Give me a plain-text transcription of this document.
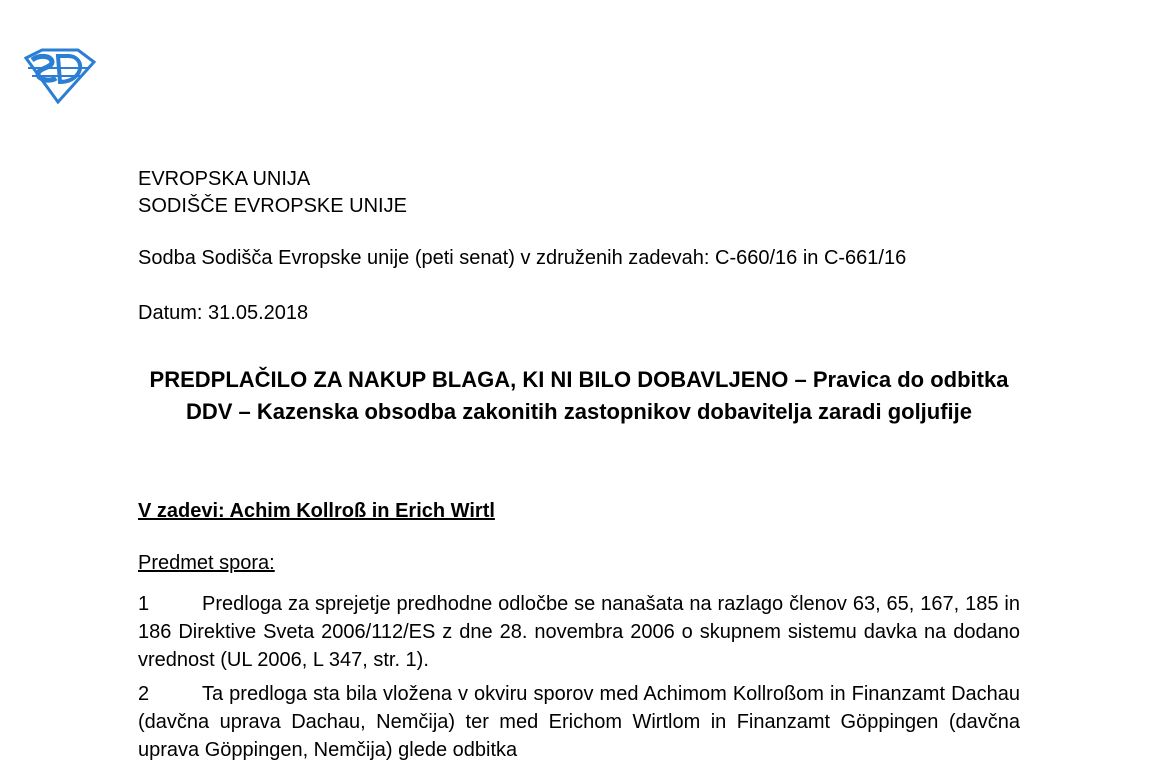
EVROPSKA UNIJA
SODIŠČE EVROPSKE UNIJE
Sodba Sodišča Evropske unije (peti senat) v združenih zadevah: C-660/16 in C-661/16
Datum: 31.05.2018
PREDPLAČILO ZA NAKUP BLAGA, KI NI BILO DOBAVLJENO – Pravica do odbitka DDV – Kazenska obsodba zakonitih zastopnikov dobavitelja zaradi goljufije
V zadevi: Achim Kollroß in Erich Wirtl
Predmet spora:
1	Predloga za sprejetje predhodne odločbe se nanašata na razlago členov 63, 65, 167, 185 in 186 Direktive Sveta 2006/112/ES z dne 28. novembra 2006 o skupnem sistemu davka na dodano vrednost (UL 2006, L 347, str. 1).
2	Ta predloga sta bila vložena v okviru sporov med Achimom Kollroßom in Finanzamt Dachau (davčna uprava Dachau, Nemčija) ter med Erichom Wirtlom in Finanzamt Göppingen (davčna uprava Göppingen, Nemčija) glede odbitka
